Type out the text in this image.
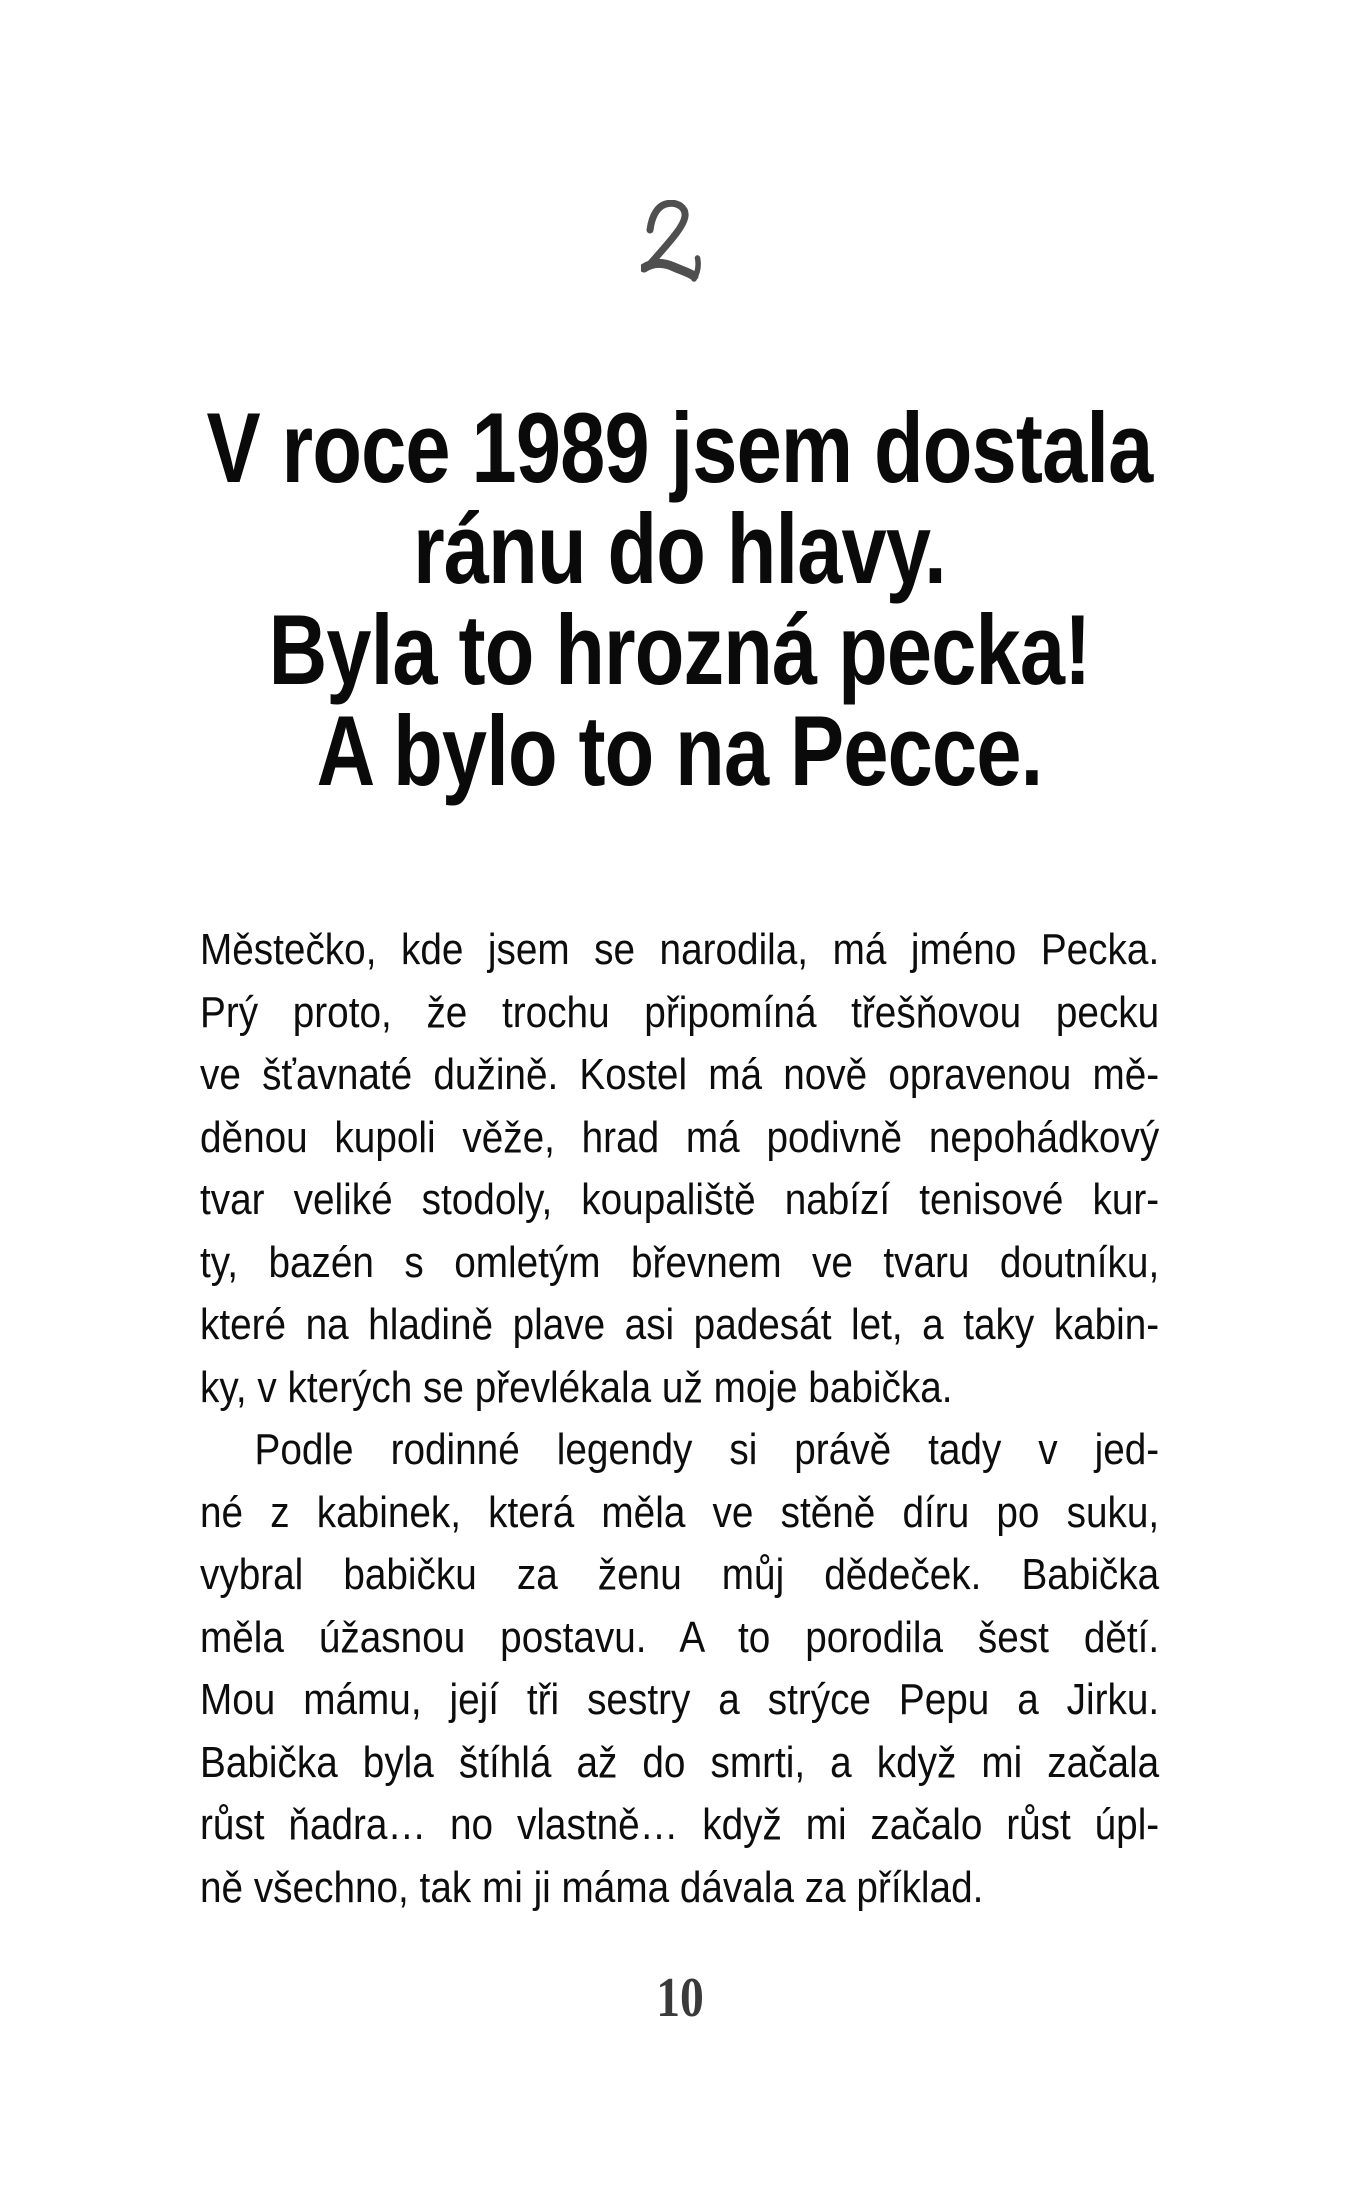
V roce 1989 jsem dostala
ránu do hlavy.
Byla to hrozná pecka!
A bylo to na Pecce.

Městečko, kde jsem se narodila, má jméno Pecka.

Prý proto, že trochu připomíná třešňovou pecku

ve šťavnaté dužině. Kostel má nově opravenou mě-

děnou kupoli věže, hrad má podivně nepohádkový

tvar veliké stodoly, koupaliště nabízí tenisové kur-

ty, bazén s omletým břevnem ve tvaru doutníku,

které na hladině plave asi padesát let, a taky kabin-

ky, v kterých se převlékala už moje babička.

Podle rodinné legendy si právě tady v jed-

né z kabinek, která měla ve stěně díru po suku,

vybral babičku za ženu můj dědeček. Babička

měla úžasnou postavu. A to porodila šest dětí.

Mou mámu, její tři sestry a strýce Pepu a Jirku.

Babička byla štíhlá až do smrti, a když mi začala

růst ňadra… no vlastně… když mi začalo růst úpl-

ně všechno, tak mi ji máma dávala za příklad.

10
